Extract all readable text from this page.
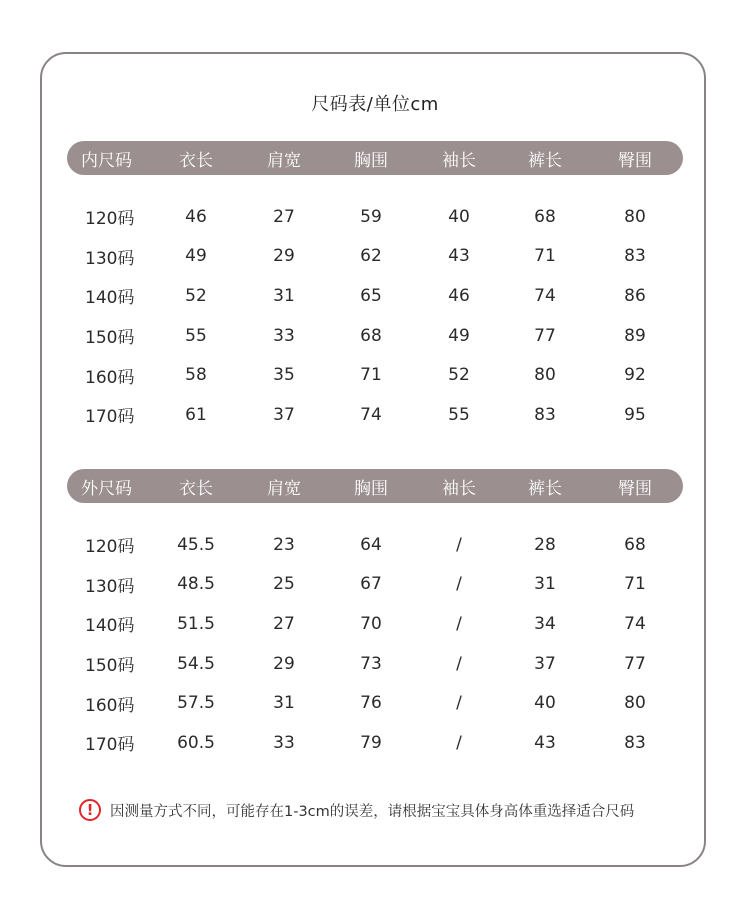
尺码表/单位cm
内尺码	衣长	肩宽	胸围	袖长	裤长	臀围
120码	46	27	59	40	68	80
130码	49	29	62	43	71	83
140码	52	31	65	46	74	86
150码	55	33	68	49	77	89
160码	58	35	71	52	80	92
170码	61	37	74	55	83	95
外尺码	衣长	肩宽	胸围	袖长	裤长	臀围
120码	45.5	23	64	/	28	68
130码	48.5	25	67	/	31	71
140码	51.5	27	70	/	34	74
150码	54.5	29	73	/	37	77
160码	57.5	31	76	/	40	80
170码	60.5	33	79	/	43	83
!	因测量方式不同，可能存在1-3cm的误差，请根据宝宝具体身高体重选择适合尺码
